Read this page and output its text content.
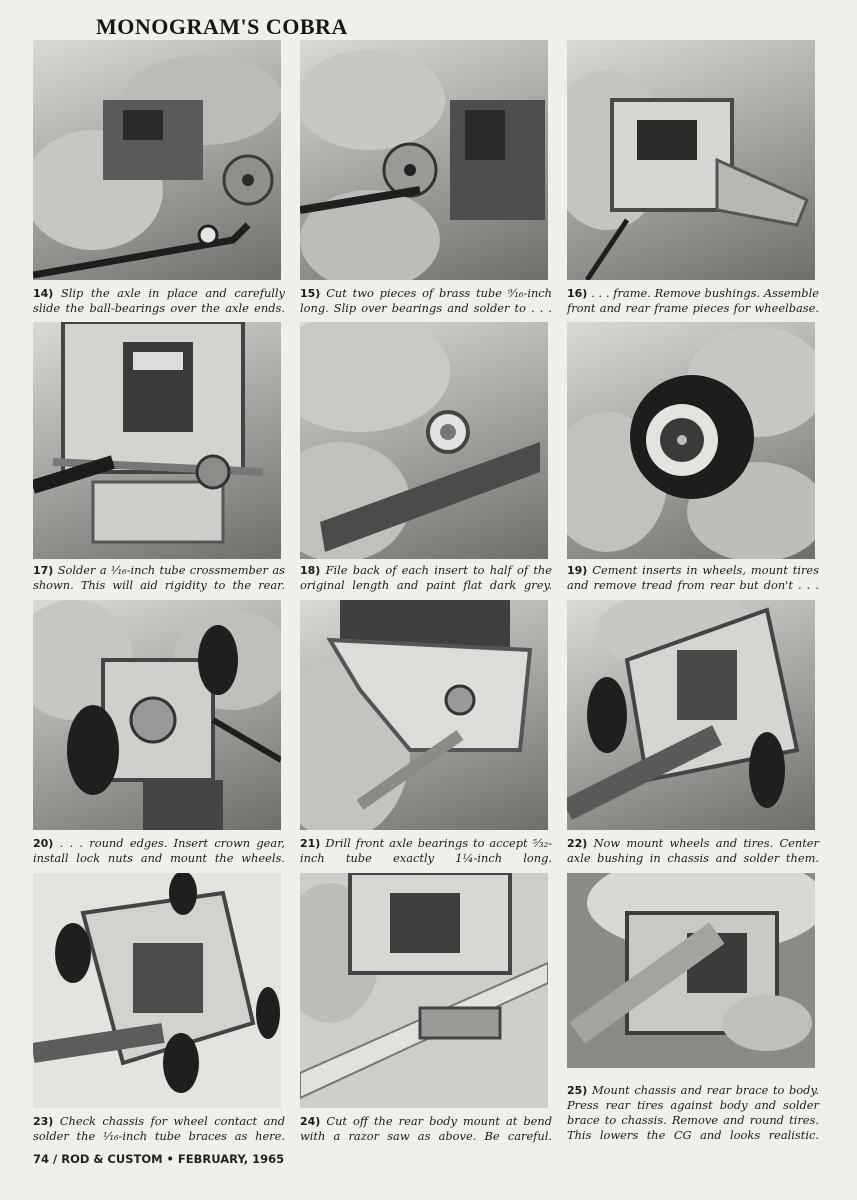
MONOGRAM'S COBRA
14) Slip the axle in place and carefully slide the ball-bearings over the axle ends.
15) Cut two pieces of brass tube ⁹⁄₁₆-inch long. Slip over bearings and solder to . . .
16) . . . frame. Remove bushings. Assemble front and rear frame pieces for wheelbase.
17) Solder a ¹⁄₁₆-inch tube crossmember as shown. This will aid rigidity to the rear.
18) File back of each insert to half of the original length and paint flat dark grey.
19) Cement inserts in wheels, mount tires and remove tread from rear but don't . . .
20) . . . round edges. Insert crown gear, install lock nuts and mount the wheels.
21) Drill front axle bearings to accept ⁵⁄₃₂-inch tube exactly 1¼-inch long.
22) Now mount wheels and tires. Center axle bushing in chassis and solder them.
23) Check chassis for wheel contact and solder the ¹⁄₁₆-inch tube braces as here.
24) Cut off the rear body mount at bend with a razor saw as above. Be careful.
25) Mount chassis and rear brace to body. Press rear tires against body and solder brace to chassis. Remove and round tires. This lowers the CG and looks realistic.
74 / ROD & CUSTOM • FEBRUARY, 1965
